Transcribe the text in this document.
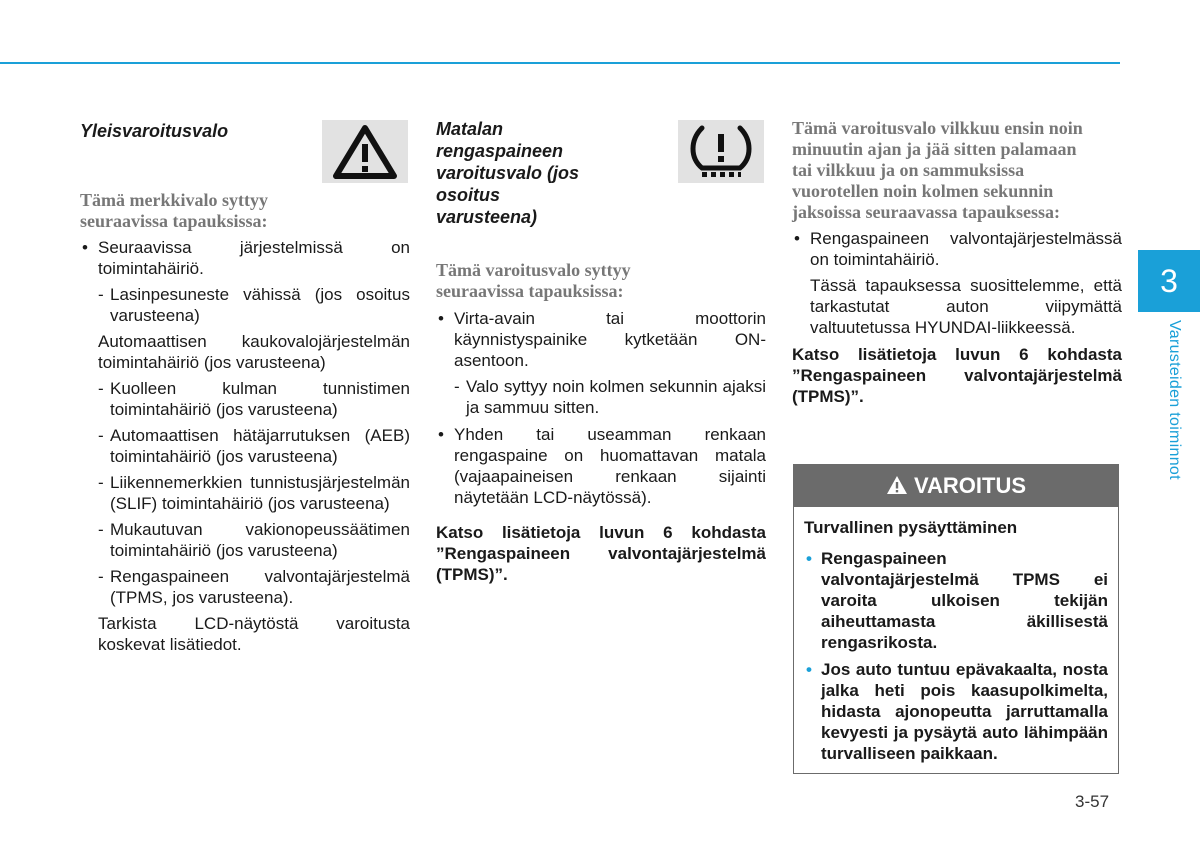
Yleisvaroitusvalo
Tämä merkkivalo syttyy seuraavissa tapauksissa:
• Seuraavissa järjestelmissä on toimintahäiriö.
- Lasinpesuneste vähissä (jos osoitus varusteena)
Automaattisen kaukovalojärjestelmän toimintahäiriö (jos varusteena)
- Kuolleen kulman tunnistimen toimintahäiriö (jos varusteena)
- Automaattisen hätäjarrutuksen (AEB) toimintahäiriö (jos varusteena)
- Liikennemerkkien tunnistusjärjestelmän (SLIF) toimintahäiriö (jos varusteena)
- Mukautuvan vakionopeussäätimen toimintahäiriö (jos varusteena)
- Rengaspaineen valvontajärjestelmä (TPMS, jos varusteena).
Tarkista LCD-näytöstä varoitusta koskevat lisätiedot.
Matalan rengaspaineen varoitusvalo (jos osoitus varusteena)
Tämä varoitusvalo syttyy seuraavissa tapauksissa:
• Virta-avain tai moottorin käynnistyspainike kytketään ON-asentoon.
- Valo syttyy noin kolmen sekunnin ajaksi ja sammuu sitten.
• Yhden tai useamman renkaan rengaspaine on huomattavan matala (vajaapaineisen renkaan sijainti näytetään LCD-näytössä).
Katso lisätietoja luvun 6 kohdasta ”Rengaspaineen valvontajärjestelmä (TPMS)”.
Tämä varoitusvalo vilkkuu ensin noin minuutin ajan ja jää sitten palamaan tai vilkkuu ja on sammuksissa vuorotellen noin kolmen sekunnin jaksoissa seuraavassa tapauksessa:
• Rengaspaineen valvontajärjestelmässä on toimintahäiriö.
Tässä tapauksessa suosittelemme, että tarkastutat auton viipymättä valtuutetussa HYUNDAI-liikkeessä.
Katso lisätietoja luvun 6 kohdasta ”Rengaspaineen valvontajärjestelmä (TPMS)”.
VAROITUS
Turvallinen pysäyttäminen
• Rengaspaineen valvontajärjestelmä TPMS ei varoita ulkoisen tekijän aiheuttamasta äkillisestä rengasrikosta.
• Jos auto tuntuu epävakaalta, nosta jalka heti pois kaasupolkimelta, hidasta ajonopeutta jarruttamalla kevyesti ja pysäytä auto lähimpään turvalliseen paikkaan.
3
Varusteiden toiminnot
3-57
